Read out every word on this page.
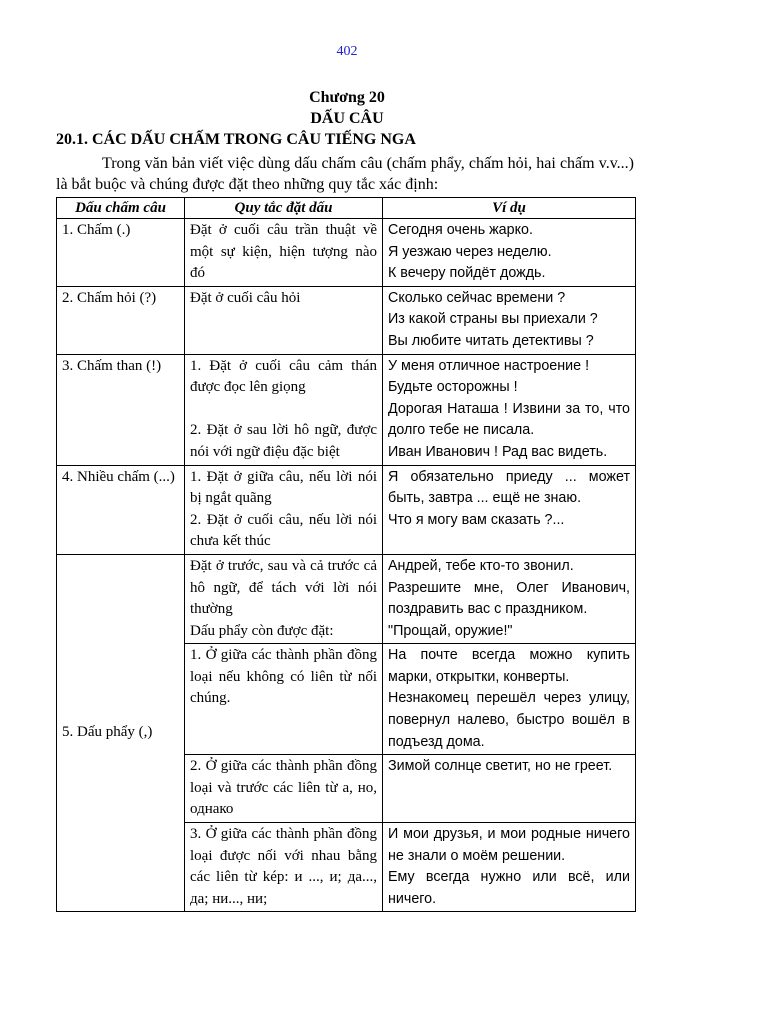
402
Chương 20
DẤU CÂU
20.1. CÁC DẤU CHẤM TRONG CÂU TIẾNG NGA

Trong văn bản viết việc dùng dấu chấm câu (chấm phẩy, chấm hỏi, hai chấm v.v...) là bắt buộc và chúng được đặt theo những quy tắc xác định:

Dấu chấm câu	Quy tắc đặt dấu	Ví dụ
1. Chấm (.)	Đặt ở cuối câu trần thuật về một sự kiện, hiện tượng nào đó	Сегодня очень жарко.
Я уезжаю через неделю.
К вечеру пойдёт дождь.

2. Chấm hỏi (?)	Đặt ở cuối câu hỏi	Сколько сейчас времени ?
Из какой страны вы приехали ?
Вы любите читать детективы ?

3. Chấm than (!)	1. Đặt ở cuối câu cảm thán được đọc lên giọng
2. Đặt ở sau lời hô ngữ, được nói với ngữ điệu đặc biệt	У меня отличное настроение !
Будьте осторожны !
Дорогая Наташа ! Извини за то, что долго тебе не писала.
Иван Иванович ! Рад вас видеть.

4. Nhiều chấm (...)	1. Đặt ở giữa câu, nếu lời nói bị ngắt quãng
2. Đặt ở cuối câu, nếu lời nói chưa kết thúc	Я обязательно приеду ... может быть, завтра ... ещё не знаю.
Что я могу вам сказать ?...

5. Dấu phẩy (,)	Đặt ở trước, sau và cả trước cả hô ngữ, để tách với lời nói thường
Dấu phẩy còn được đặt:	Андрей, тебе кто-то звонил.
Разрешите мне, Олег Иванович, поздравить вас с праздником.
"Прощай, оружие!"

	1. Ở giữa các thành phần đồng loại nếu không có liên từ nối chúng.	На почте всегда можно купить марки, открытки, конверты.
Незнакомец перешёл через улицу, повернул налево, быстро вошёл в подъезд дома.

	2. Ở giữa các thành phần đồng loại và trước các liên từ а, но, однако	Зимой солнце светит, но не греет.

	3. Ở giữa các thành phần đồng loại được nối với nhau bằng các liên từ kép: и ..., и; да..., да; ни..., ни;	И мои друзья, и мои родные ничего не знали о моём решении.
Ему всегда нужно или всё, или ничего.
